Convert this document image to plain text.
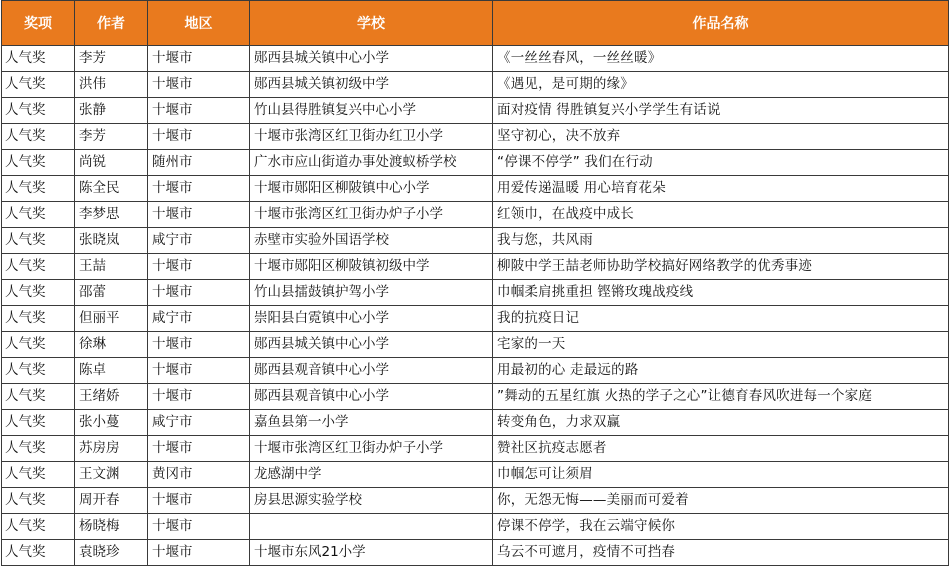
奖项	作者	地区	学校	作品名称
人气奖	李芳	十堰市	郧西县城关镇中心小学	《一丝丝春风，一丝丝暖》
人气奖	洪伟	十堰市	郧西县城关镇初级中学	《遇见，是可期的缘》
人气奖	张静	十堰市	竹山县得胜镇复兴中心小学	面对疫情 得胜镇复兴小学学生有话说
人气奖	李芳	十堰市	十堰市张湾区红卫街办红卫小学	坚守初心，决不放弃
人气奖	尚锐	随州市	广水市应山街道办事处渡蚁桥学校	“停课不停学” 我们在行动
人气奖	陈全民	十堰市	十堰市郧阳区柳陂镇中心小学	用爱传递温暖 用心培育花朵
人气奖	李梦思	十堰市	十堰市张湾区红卫街办炉子小学	红领巾，在战疫中成长
人气奖	张晓岚	咸宁市	赤壁市实验外国语学校	我与您，共风雨
人气奖	王喆	十堰市	十堰市郧阳区柳陂镇初级中学	柳陂中学王喆老师协助学校搞好网络教学的优秀事迹
人气奖	邵蕾	十堰市	竹山县擂鼓镇护驾小学	巾帼柔肩挑重担 铿锵玫瑰战疫线
人气奖	但丽平	咸宁市	崇阳县白霓镇中心小学	我的抗疫日记
人气奖	徐琳	十堰市	郧西县城关镇中心小学	宅家的一天
人气奖	陈卓	十堰市	郧西县观音镇中心小学	用最初的心 走最远的路
人气奖	王绪娇	十堰市	郧西县观音镇中心小学	”舞动的五星红旗 火热的学子之心”让德育春风吹进每一个家庭
人气奖	张小蔓	咸宁市	嘉鱼县第一小学	转变角色，力求双赢
人气奖	苏房房	十堰市	十堰市张湾区红卫街办炉子小学	赞社区抗疫志愿者
人气奖	王文渊	黄冈市	龙感湖中学	巾帼怎可让须眉
人气奖	周开春	十堰市	房县思源实验学校	你，无怨无悔——美丽而可爱着
人气奖	杨晓梅	十堰市		停课不停学，我在云端守候你
人气奖	袁晓珍	十堰市	十堰市东风21小学	乌云不可遮月，疫情不可挡春
